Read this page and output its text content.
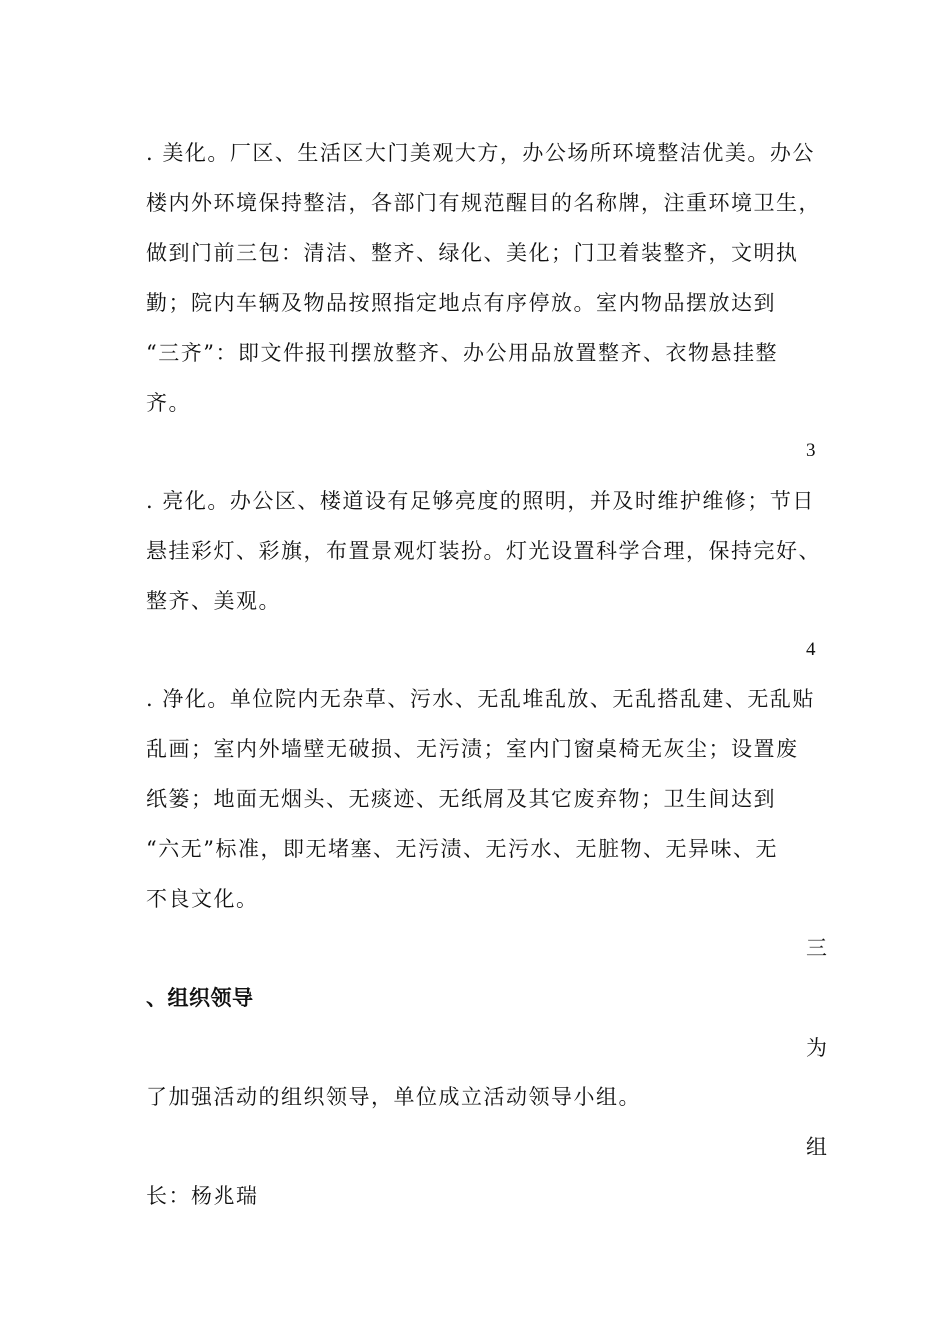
. 美化。厂区、生活区大门美观大方，办公场所环境整洁优美。办公
楼内外环境保持整洁，各部门有规范醒目的名称牌，注重环境卫生，
做到门前三包：清洁、整齐、绿化、美化；门卫着装整齐，文明执
勤；院内车辆及物品按照指定地点有序停放。室内物品摆放达到
“三齐”：即文件报刊摆放整齐、办公用品放置整齐、衣物悬挂整
齐。
3
. 亮化。办公区、楼道设有足够亮度的照明，并及时维护维修；节日
悬挂彩灯、彩旗，布置景观灯装扮。灯光设置科学合理，保持完好、
整齐、美观。
4
. 净化。单位院内无杂草、污水、无乱堆乱放、无乱搭乱建、无乱贴
乱画；室内外墙壁无破损、无污渍；室内门窗桌椅无灰尘；设置废
纸篓；地面无烟头、无痰迹、无纸屑及其它废弃物；卫生间达到
“六无”标准，即无堵塞、无污渍、无污水、无脏物、无异味、无
不良文化。
三
、组织领导
为
了加强活动的组织领导，单位成立活动领导小组。
组
长：杨兆瑞
